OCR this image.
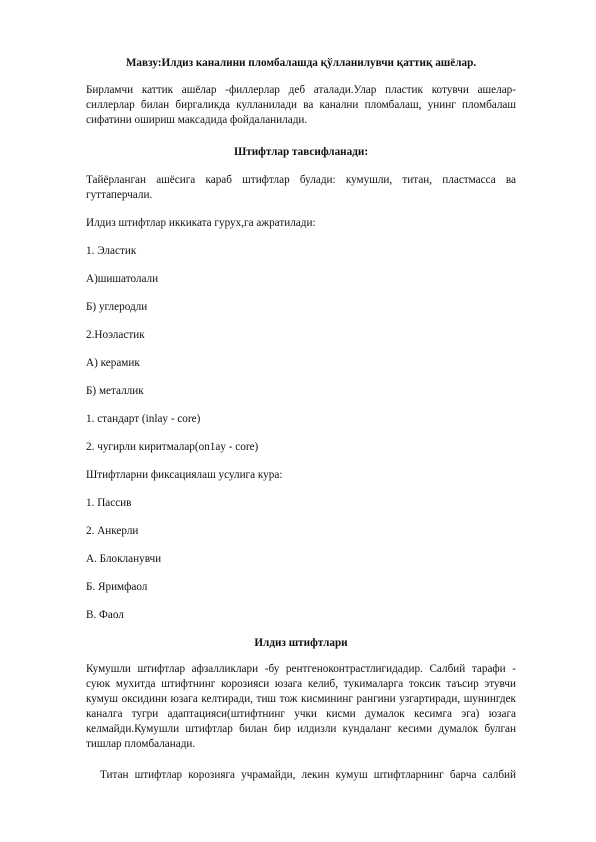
Мавзу:Илдиз каналини пломбалашда қўлланилувчи қаттиқ ашёлар.

Бирламчи каттик ашёлар -филлерлар деб аталади.Улар пластик котувчи ашелар-силлерлар билан биргаликда кулланилади ва канални пломбалаш, унинг пломбалаш сифатини ошириш максадида фойдаланилади.

Штифтлар тавсифланади:

Тайёрланган ашёсига караб штифтлар булади: кумушли, титан, пластмасса ва гуттаперчали.

Илдиз штифтлар иккиката гурух,га ажратилади:

1. Эластик

А)шишатолали

Б) углеродли

2.Ноэластик

А) керамик

Б) металлик

1. стандарт (inlay - core)

2. чугирли киритмалар(on1ay - core)

Штифтларни фиксациялаш усулига кура:

1. Пассив

2. Анкерли

А. Блокланувчи

Б. Яримфаол

В. Фаол

Илдиз штифтлари

Кумушли штифтлар афзалликлари -бу рентгеноконтрастлигидадир. Салбий тарафи - суюк мухитда штифтнинг корозияси юзага келиб, тукималарга токсик таъсир этувчи кумуш оксидини юзага келтиради, тиш тож кисмининг рангини узгартиради, шунингдек каналга тугри адаптацияси(штифтнинг учки кисми думалок кесимга эга) юзага келмайди.Кумушли штифтлар билан бир илдизли кундаланг кесими думалок булган тишлар пломбаланади.

Титан штифтлар корозияга учрамайди, лекин кумуш штифтларнинг барча салбий
